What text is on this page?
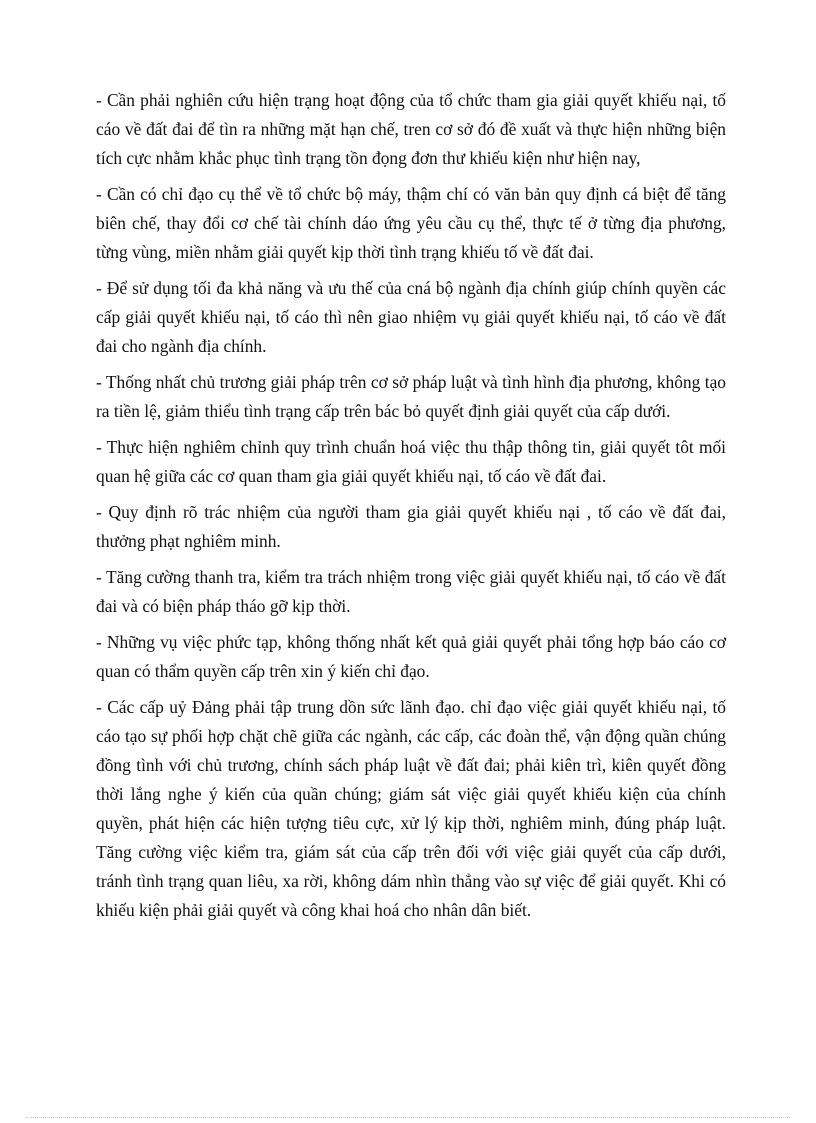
- Cần phải nghiên cứu hiện trạng hoạt động của tổ chức tham gia giải quyết khiếu nại, tố cáo về đất đai để tìn ra những mặt hạn chế, tren cơ sở đó đề xuất và thực hiện những biện tích cực nhằm khắc phục tình trạng tồn đọng đơn thư khiếu kiện như hiện nay,

- Cần có chỉ đạo cụ thể về tổ chức bộ máy, thậm chí có văn bản quy định cá biệt để tăng biên chế, thay đổi cơ chế tài chính dáo ứng yêu cầu cụ thể, thực tế ở từng địa phương, từng vùng, miền nhằm giải quyết kịp thời tình trạng khiếu tố về đất đai.

- Để sử dụng tối đa khả năng và ưu thế của cná bộ ngành địa chính giúp chính quyền các cấp giải quyết khiếu nại, tố cáo thì nên giao nhiệm vụ giải quyết khiếu nại, tố cáo về đất đai cho ngành địa chính.

- Thống nhất chủ trương giải pháp trên cơ sở pháp luật và tình hình địa phương, không tạo ra tiền lệ, giảm thiểu tình trạng cấp trên bác bỏ quyết định giải quyết của cấp dưới.

- Thực hiện nghiêm chỉnh quy trình chuẩn hoá việc thu thập thông tin, giải quyết tôt mối quan hệ giữa các cơ quan tham gia giải quyết khiếu nại, tố cáo về đất đai.

- Quy định rõ trác nhiệm của người tham gia giải quyết khiếu nại , tố cáo về đất đai, thưởng phạt nghiêm minh.

- Tăng cường thanh tra, kiểm tra trách nhiệm trong việc giải quyết khiếu nại, tố cáo về đất đai và có biện pháp tháo gỡ kịp thời.

- Những vụ việc phức tạp, không thống nhất kết quả giải quyết phải tổng hợp báo cáo cơ quan có thẩm quyền cấp trên xin ý kiến chỉ đạo.

- Các cấp uỷ Đảng phải tập trung dồn sức lãnh đạo. chỉ đạo việc giải quyết khiếu nại, tố cáo tạo sự phối hợp chặt chẽ giữa các ngành, các cấp, các đoàn thể, vận động quần chúng đồng tình với chủ trương, chính sách pháp luật về đất đai; phải kiên trì, kiên quyết đồng thời lắng nghe ý kiến của quần chúng; giám sát việc giải quyết khiếu kiện của chính quyền, phát hiện các hiện tượng tiêu cực, xử lý kịp thời, nghiêm minh, đúng pháp luật. Tăng cường việc kiểm tra, giám sát của cấp trên đối với việc giải quyết của cấp dưới, tránh tình trạng quan liêu, xa rời, không dám nhìn thẳng vào sự việc để giải quyết. Khi có khiếu kiện phải giải quyết và công khai hoá cho nhân dân biết.
